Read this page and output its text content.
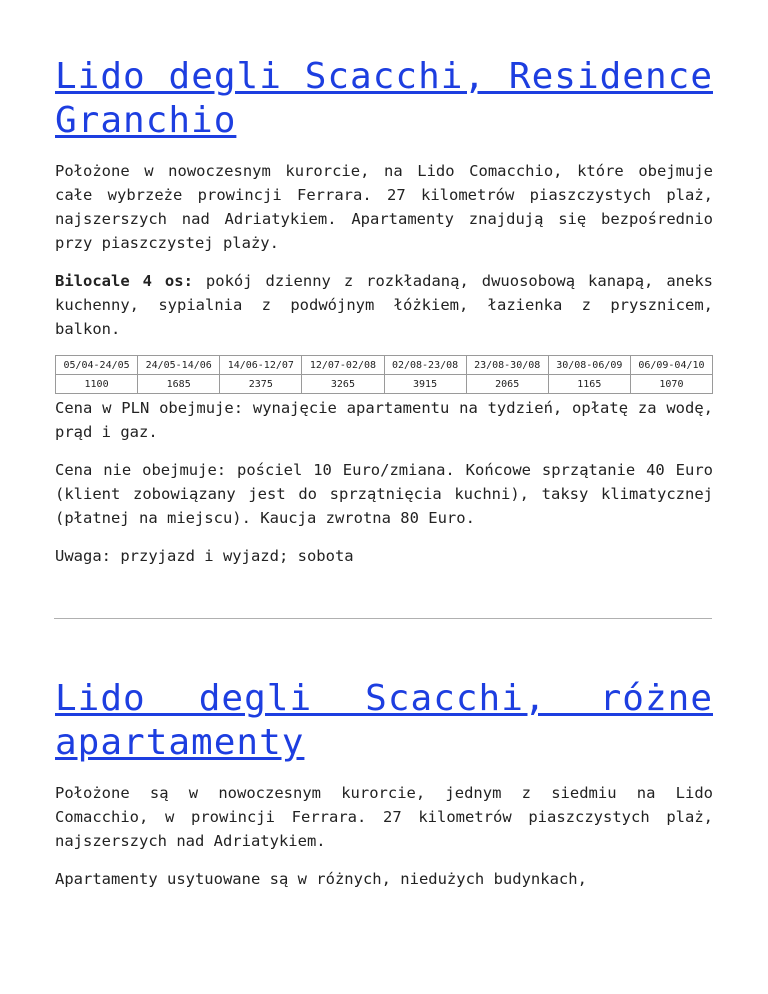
Lido degli Scacchi, Residence Granchio

Położone w nowoczesnym kurorcie, na Lido Comacchio, które obejmuje całe wybrzeże prowincji Ferrara. 27 kilometrów piaszczystych plaż, najszerszych nad Adriatykiem. Apartamenty znajdują się bezpośrednio przy piaszczystej plaży.

Bilocale 4 os: pokój dzienny z rozkładaną, dwuosobową kanapą, aneks kuchenny, sypialnia z podwójnym łóżkiem, łazienka z prysznicem, balkon.

05/04-24/05	24/05-14/06	14/06-12/07	12/07-02/08	02/08-23/08	23/08-30/08	30/08-06/09	06/09-04/10
1100	1685	2375	3265	3915	2065	1165	1070

Cena w PLN obejmuje: wynajęcie apartamentu na tydzień, opłatę za wodę, prąd i gaz.

Cena nie obejmuje: pościel 10 Euro/zmiana. Końcowe sprzątanie 40 Euro (klient zobowiązany jest do sprzątnięcia kuchni), taksy klimatycznej (płatnej na miejscu). Kaucja zwrotna 80 Euro.

Uwaga: przyjazd i wyjazd; sobota

Lido degli Scacchi, różne apartamenty

Położone są w nowoczesnym kurorcie, jednym z siedmiu na Lido Comacchio, w prowincji Ferrara. 27 kilometrów piaszczystych plaż, najszerszych nad Adriatykiem.

Apartamenty usytuowane są w różnych, niedużych budynkach,
